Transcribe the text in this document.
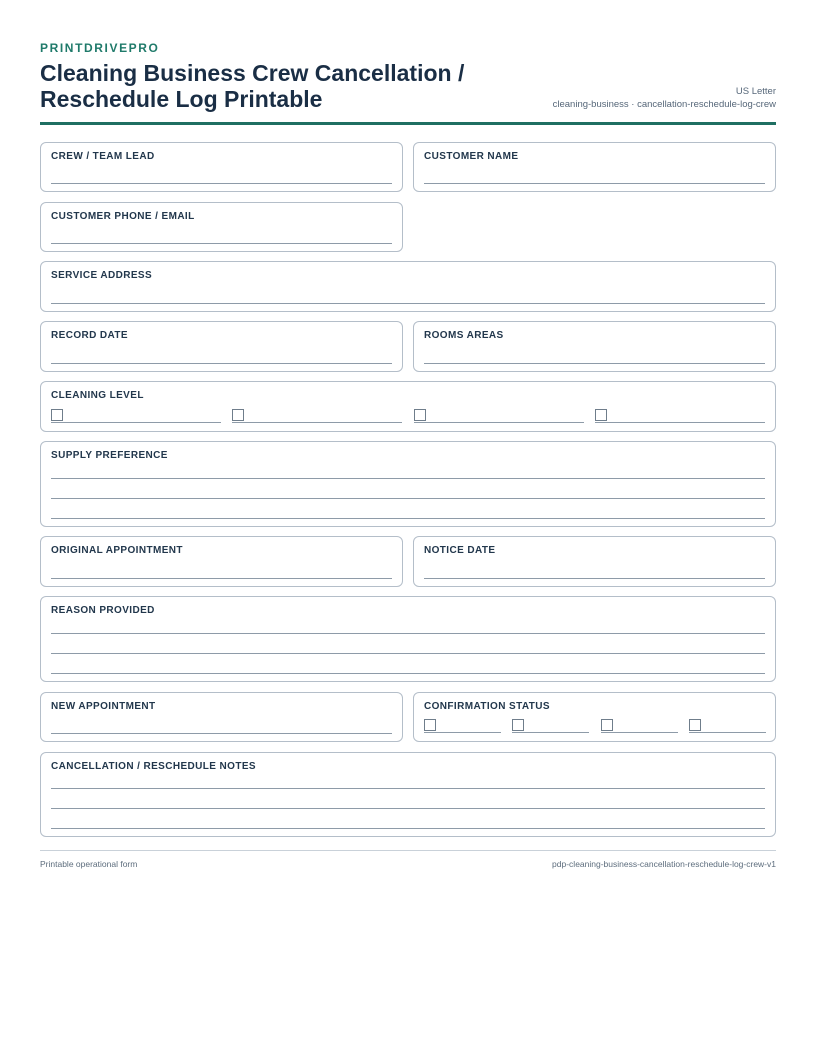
PRINTDRIVEPRO
Cleaning Business Crew Cancellation / Reschedule Log Printable	US Letter
cleaning-business · cancellation-reschedule-log-crew
CREW / TEAM LEAD	CUSTOMER NAME
CUSTOMER PHONE / EMAIL
SERVICE ADDRESS
RECORD DATE	ROOMS AREAS
CLEANING LEVEL
SUPPLY PREFERENCE
ORIGINAL APPOINTMENT	NOTICE DATE
REASON PROVIDED
NEW APPOINTMENT	CONFIRMATION STATUS
CANCELLATION / RESCHEDULE NOTES
Printable operational form	pdp-cleaning-business-cancellation-reschedule-log-crew-v1
